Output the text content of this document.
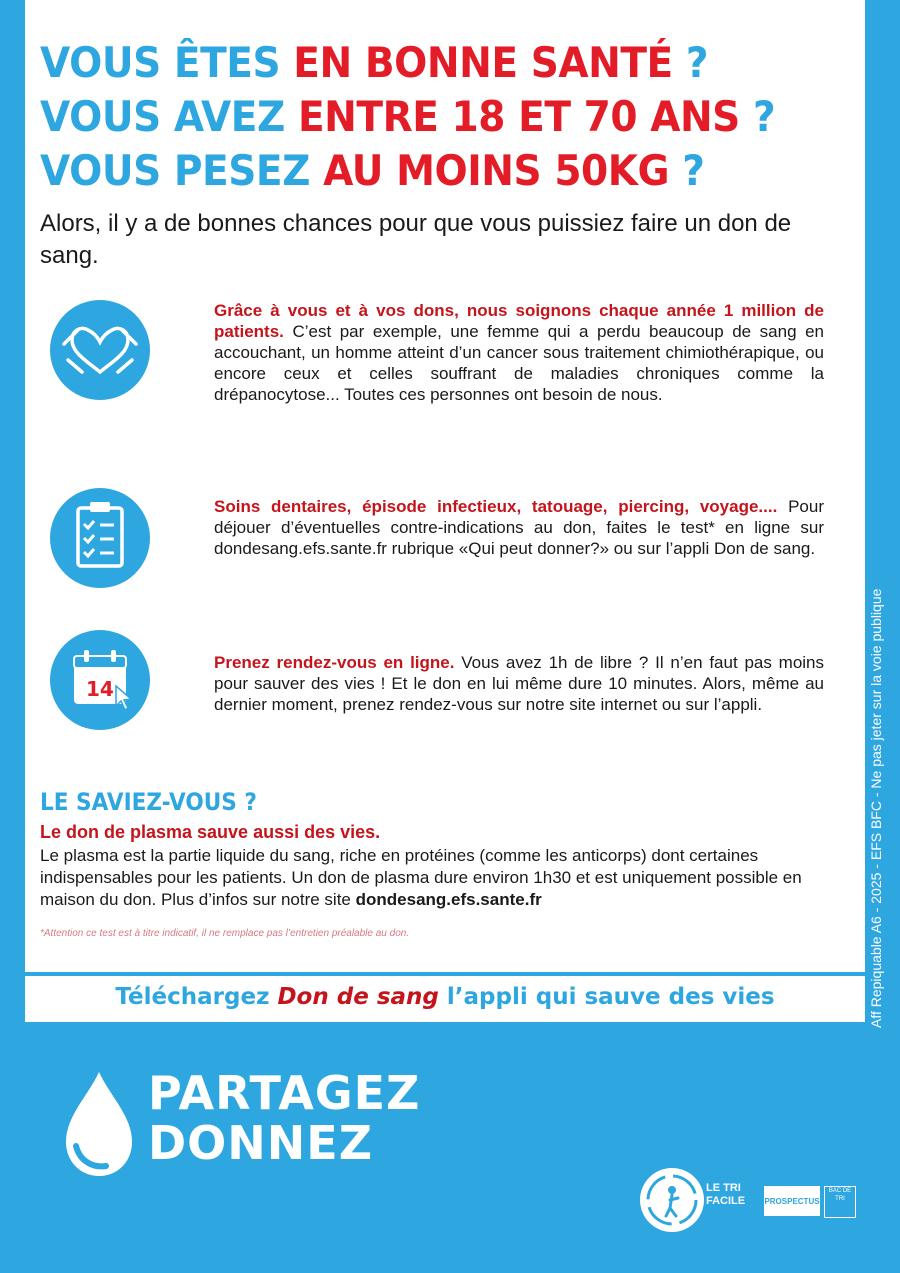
VOUS ÊTES EN BONNE SANTÉ ?
VOUS AVEZ ENTRE 18 ET 70 ANS ?
VOUS PESEZ AU MOINS 50KG ?
Alors, il y a de bonnes chances pour que vous puissiez faire un don de sang.
Grâce à vous et à vos dons, nous soignons chaque année 1 million de patients. C’est par exemple, une femme qui a perdu beaucoup de sang en accouchant, un homme atteint d’un cancer sous traitement chimiothérapique, ou encore ceux et celles souffrant de maladies chroniques comme la drépanocytose... Toutes ces personnes ont besoin de nous.
Soins dentaires, épisode infectieux, tatouage, piercing, voyage.... Pour déjouer d’éventuelles contre-indications au don, faites le test* en ligne sur dondesang.efs.sante.fr rubrique «Qui peut donner?» ou sur l’appli Don de sang.
14
Prenez rendez-vous en ligne. Vous avez 1h de libre ? Il n’en faut pas moins pour sauver des vies ! Et le don en lui même dure 10 minutes. Alors, même au dernier moment, prenez rendez-vous sur notre site internet ou sur l’appli.
LE SAVIEZ-VOUS ?
Le don de plasma sauve aussi des vies.
Le plasma est la partie liquide du sang, riche en protéines (comme les anticorps) dont certaines indispensables pour les patients. Un don de plasma dure environ 1h30 et est uniquement possible en maison du don. Plus d’infos sur notre site dondesang.efs.sante.fr
*Attention ce test est à titre indicatif, il ne remplace pas l’entretien préalable au don.
Téléchargez Don de sang l’appli qui sauve des vies	Aff Repiquable A6 - 2025 - EFS BFC - Ne pas jeter sur la voie publique
PARTAGEZ
DONNEZ
LE TRI
FACILE	PROSPECTUS
BAC DE TRI
